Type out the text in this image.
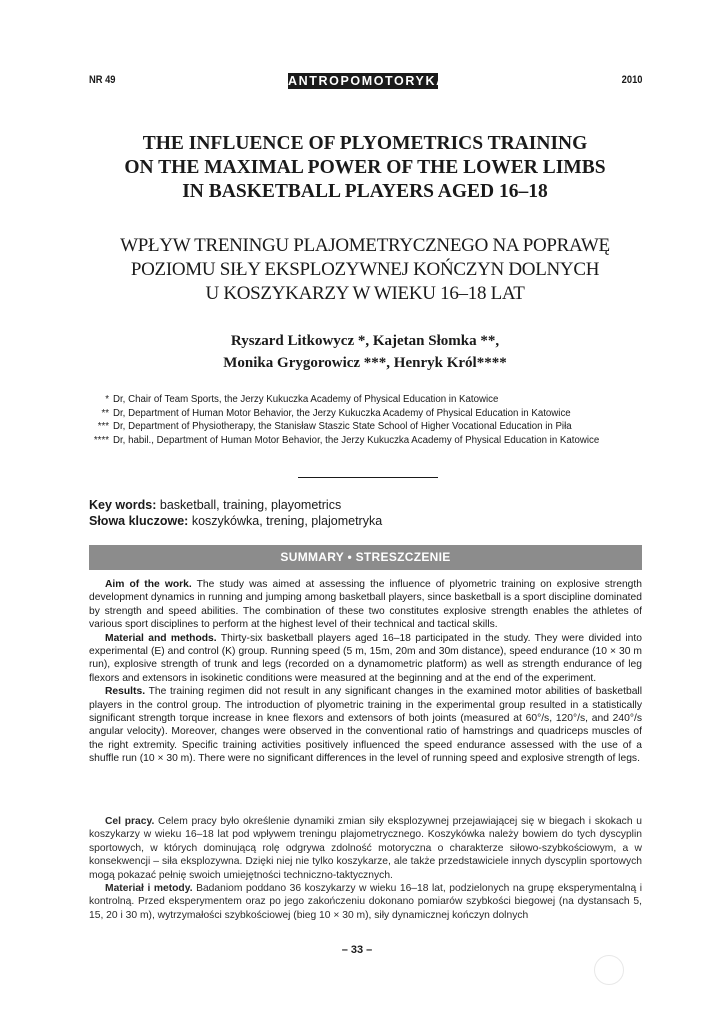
NR 49	ANTROPOMOTORYKA	2010
THE INFLUENCE OF PLYOMETRICS TRAINING
ON THE MAXIMAL POWER OF THE LOWER LIMBS
IN BASKETBALL PLAYERS AGED 16–18
WPŁYW TRENINGU PLAJOMETRYCZNEGO NA POPRAWĘ
POZIOMU SIŁY EKSPLOZYWNEJ KOŃCZYN DOLNYCH
U KOSZYKARZY W WIEKU 16–18 LAT
Ryszard Litkowycz *, Kajetan Słomka **,
Monika Grygorowicz ***, Henryk Król****
* Dr, Chair of Team Sports, the Jerzy Kukuczka Academy of Physical Education in Katowice
** Dr, Department of Human Motor Behavior, the Jerzy Kukuczka Academy of Physical Education in Katowice
*** Dr, Department of Physiotherapy, the Stanisław Staszic State School of Higher Vocational Education in Piła
**** Dr, habil., Department of Human Motor Behavior, the Jerzy Kukuczka Academy of Physical Education in Katowice
Key words: basketball, training, playometrics
Słowa kluczowe: koszykówka, trening, plajometryka
SUMMARY • STRESZCZENIE

Aim of the work. The study was aimed at assessing the influence of plyometric training on explosive strength development dynamics in running and jumping among basketball players, since basketball is a sport discipline dominated by strength and speed abilities. The combination of these two constitutes explosive strength enables the athletes of various sport disciplines to perform at the highest level of their technical and tactical skills.

Material and methods. Thirty-six basketball players aged 16–18 participated in the study. They were divided into experimental (E) and control (K) group. Running speed (5 m, 15m, 20m and 30m distance), speed endurance (10 × 30 m run), explosive strength of trunk and legs (recorded on a dynamometric platform) as well as strength endurance of leg flexors and extensors in isokinetic conditions were measured at the beginning and at the end of the experiment.

Results. The training regimen did not result in any significant changes in the examined motor abilities of basketball players in the control group. The introduction of plyometric training in the experimental group resulted in a statistically significant strength torque increase in knee flexors and extensors of both joints (measured at 60°/s, 120°/s, and 240°/s angular velocity). Moreover, changes were observed in the conventional ratio of hamstrings and quadriceps muscles of the right extremity. Specific training activities positively influenced the speed endurance assessed with the use of a shuffle run (10 × 30 m). There were no significant differences in the level of running speed and explosive strength of legs.

Cel pracy. Celem pracy było określenie dynamiki zmian siły eksplozywnej przejawiającej się w biegach i skokach u koszykarzy w wieku 16–18 lat pod wpływem treningu plajometrycznego. Koszykówka należy bowiem do tych dyscyplin sportowych, w których dominującą rolę odgrywa zdolność motoryczna o charakterze siłowo-szybkościowym, a w konsekwencji – siła eksplozywna. Dzięki niej nie tylko koszykarze, ale także przedstawiciele innych dyscyplin sportowych mogą pokazać pełnię swoich umiejętności techniczno-taktycznych.

Materiał i metody. Badaniom poddano 36 koszykarzy w wieku 16–18 lat, podzielonych na grupę eksperymentalną i kontrolną. Przed eksperymentem oraz po jego zakończeniu dokonano pomiarów szybkości biegowej (na dystansach 5, 15, 20 i 30 m), wytrzymałości szybkościowej (bieg 10 × 30 m), siły dynamicznej kończyn dolnych

– 33 –
